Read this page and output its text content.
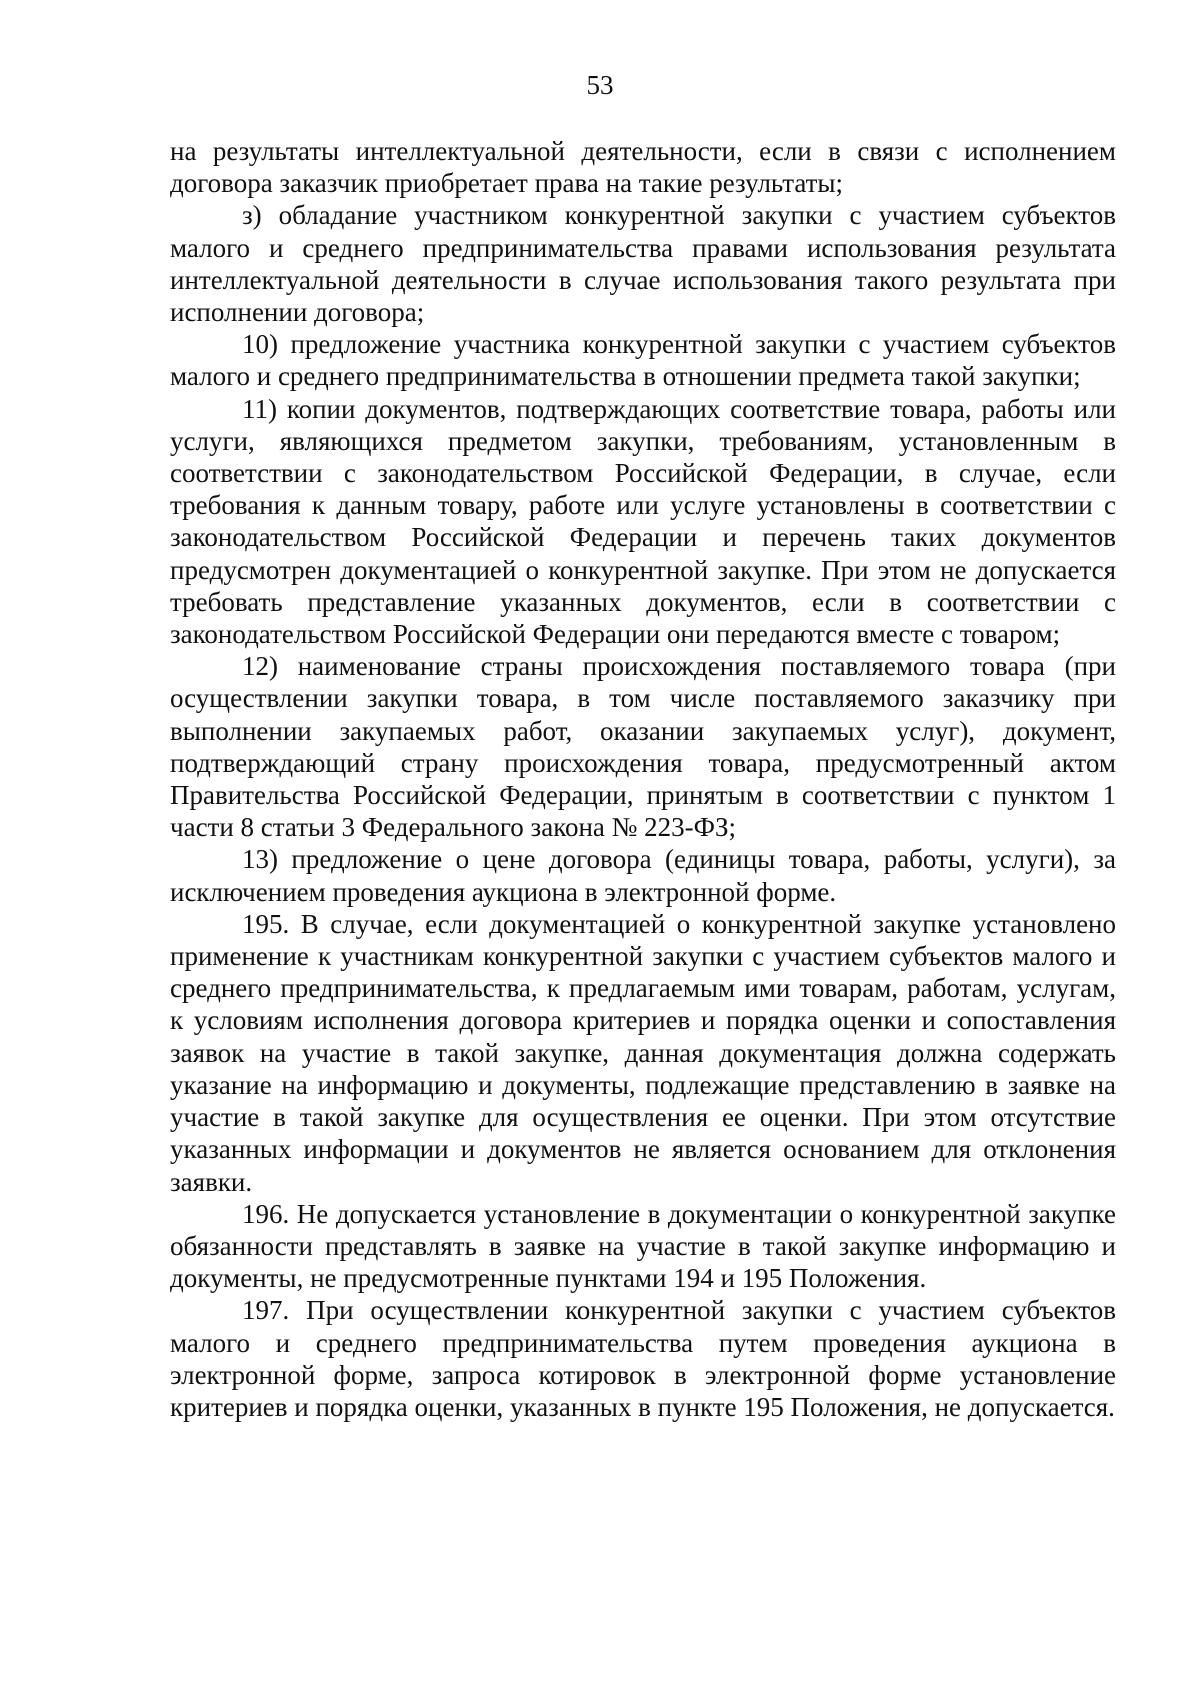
53

на результаты интеллектуальной деятельности, если в связи с исполнением договора заказчик приобретает права на такие результаты;

з) обладание участником конкурентной закупки с участием субъектов малого и среднего предпринимательства правами использования результата интеллектуальной деятельности в случае использования такого результата при исполнении договора;

10) предложение участника конкурентной закупки с участием субъектов малого и среднего предпринимательства в отношении предмета такой закупки;

11) копии документов, подтверждающих соответствие товара, работы или услуги, являющихся предметом закупки, требованиям, установленным в соответствии с законодательством Российской Федерации, в случае, если требования к данным товару, работе или услуге установлены в соответствии с законодательством Российской Федерации и перечень таких документов предусмотрен документацией о конкурентной закупке. При этом не допускается требовать представление указанных документов, если в соответствии с законодательством Российской Федерации они передаются вместе с товаром;

12) наименование страны происхождения поставляемого товара (при осуществлении закупки товара, в том числе поставляемого заказчику при выполнении закупаемых работ, оказании закупаемых услуг), документ, подтверждающий страну происхождения товара, предусмотренный актом Правительства Российской Федерации, принятым в соответствии с пунктом 1 части 8 статьи 3 Федерального закона № 223-ФЗ;

13) предложение о цене договора (единицы товара, работы, услуги), за исключением проведения аукциона в электронной форме.

195. В случае, если документацией о конкурентной закупке установлено применение к участникам конкурентной закупки с участием субъектов малого и среднего предпринимательства, к предлагаемым ими товарам, работам, услугам, к условиям исполнения договора критериев и порядка оценки и сопоставления заявок на участие в такой закупке, данная документация должна содержать указание на информацию и документы, подлежащие представлению в заявке на участие в такой закупке для осуществления ее оценки. При этом отсутствие указанных информации и документов не является основанием для отклонения заявки.

196. Не допускается установление в документации о конкурентной закупке обязанности представлять в заявке на участие в такой закупке информацию и документы, не предусмотренные пунктами 194 и 195 Положения.

197. При осуществлении конкурентной закупки с участием субъектов малого и среднего предпринимательства путем проведения аукциона в электронной форме, запроса котировок в электронной форме установление критериев и порядка оценки, указанных в пункте 195 Положения, не допускается.
